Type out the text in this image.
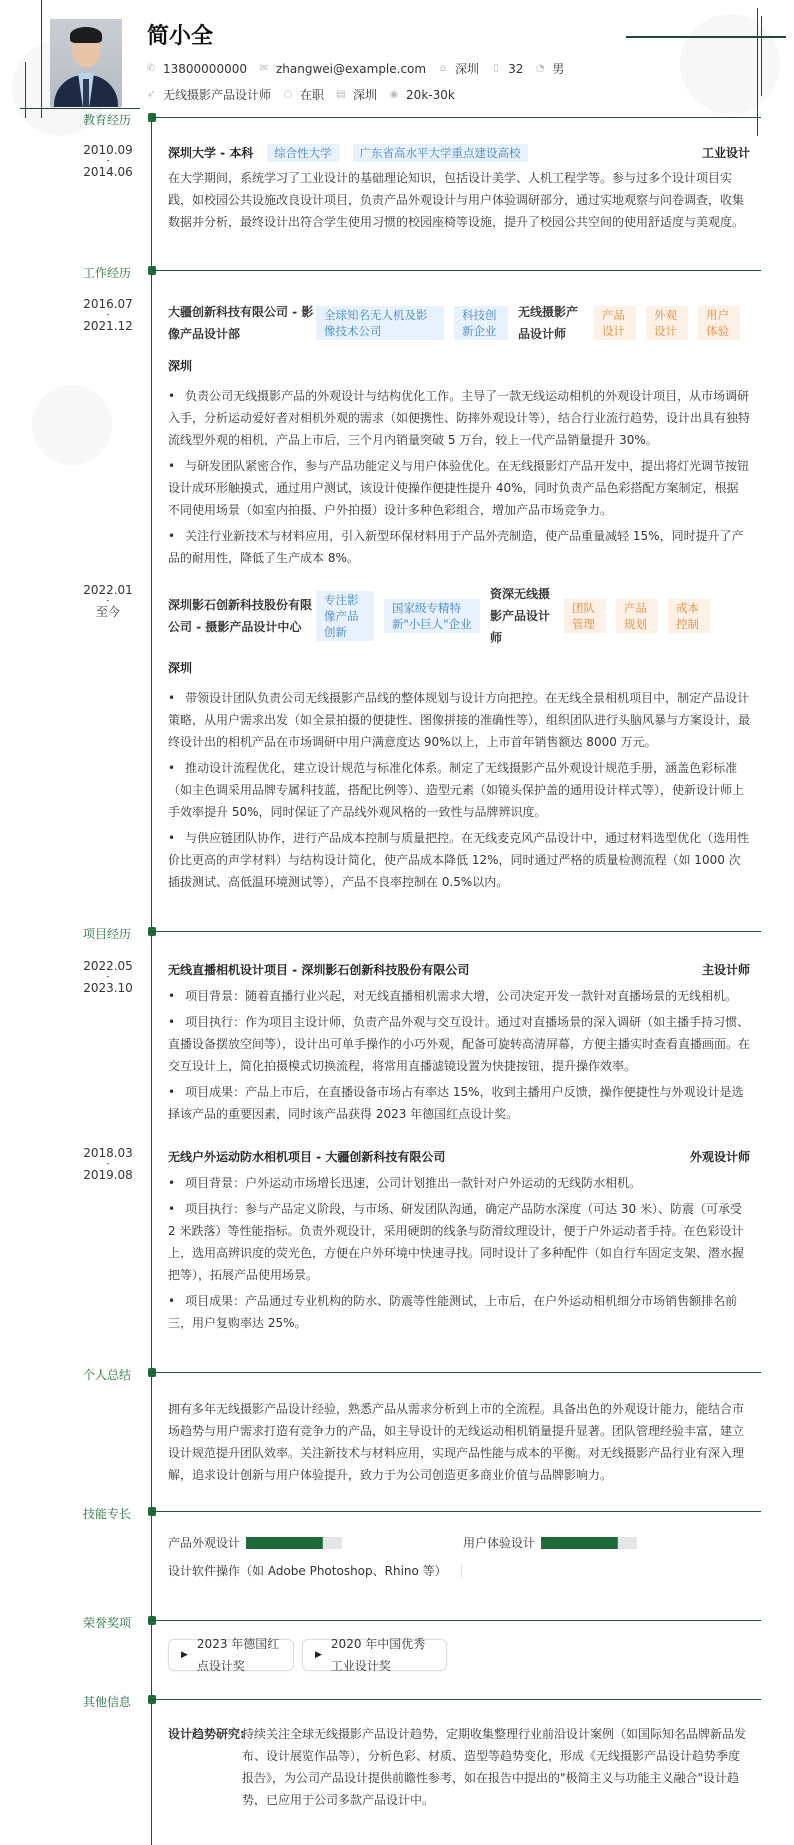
简小全
✆ 13800000000 ✉ zhangwei@example.com ⌂ 深圳 ▯ 32 ◔ 男
➶ 无线摄影产品设计师 ○ 在职 ▤ 深圳 ◉ 20k-30k
教育经历
2010.09
-
2014.06
深圳大学 - 本科 综合性大学 广东省高水平大学重点建设高校	工业设计
在大学期间，系统学习了工业设计的基础理论知识，包括设计美学、人机工程学等。参与过多个设计项目实践，如校园公共设施改良设计项目，负责产品外观设计与用户体验调研部分，通过实地观察与问卷调查，收集数据并分析，最终设计出符合学生使用习惯的校园座椅等设施，提升了校园公共空间的使用舒适度与美观度。
工作经历
2016.07
-
2021.12
大疆创新科技有限公司 - 影像产品设计部
全球知名无人机及影像技术公司
科技创新企业
无线摄影产品设计师
产品设计
外观设计
用户体验
深圳
• 负责公司无线摄影产品的外观设计与结构优化工作。主导了一款无线运动相机的外观设计项目，从市场调研入手，分析运动爱好者对相机外观的需求（如便携性、防摔外观设计等），结合行业流行趋势，设计出具有独特流线型外观的相机，产品上市后，三个月内销量突破 5 万台，较上一代产品销量提升 30%。
• 与研发团队紧密合作，参与产品功能定义与用户体验优化。在无线摄影灯产品开发中，提出将灯光调节按钮设计成环形触摸式，通过用户测试，该设计使操作便捷性提升 40%，同时负责产品色彩搭配方案制定，根据不同使用场景（如室内拍摄、户外拍摄）设计多种色彩组合，增加产品市场竞争力。
• 关注行业新技术与材料应用，引入新型环保材料用于产品外壳制造，使产品重量减轻 15%，同时提升了产品的耐用性，降低了生产成本 8%。
2022.01
-
至今	深圳影石创新科技股份有限公司 - 摄影产品设计中心
专注影像产品创新
国家级专精特新"小巨人"企业
资深无线摄影产品设计师
团队管理
产品规划
成本控制
深圳
• 带领设计团队负责公司无线摄影产品线的整体规划与设计方向把控。在无线全景相机项目中，制定产品设计策略，从用户需求出发（如全景拍摄的便捷性、图像拼接的准确性等），组织团队进行头脑风暴与方案设计，最终设计出的相机产品在市场调研中用户满意度达 90%以上，上市首年销售额达 8000 万元。
• 推动设计流程优化，建立设计规范与标准化体系。制定了无线摄影产品外观设计规范手册，涵盖色彩标准（如主色调采用品牌专属科技蓝，搭配比例等）、造型元素（如镜头保护盖的通用设计样式等），使新设计师上手效率提升 50%，同时保证了产品线外观风格的一致性与品牌辨识度。
• 与供应链团队协作，进行产品成本控制与质量把控。在无线麦克风产品设计中，通过材料选型优化（选用性价比更高的声学材料）与结构设计简化，使产品成本降低 12%，同时通过严格的质量检测流程（如 1000 次插拔测试、高低温环境测试等），产品不良率控制在 0.5%以内。
项目经历
2022.05
-
2023.10
无线直播相机设计项目 - 深圳影石创新科技股份有限公司	主设计师
• 项目背景：随着直播行业兴起，对无线直播相机需求大增，公司决定开发一款针对直播场景的无线相机。
• 项目执行：作为项目主设计师，负责产品外观与交互设计。通过对直播场景的深入调研（如主播手持习惯、直播设备摆放空间等），设计出可单手操作的小巧外观，配备可旋转高清屏幕，方便主播实时查看直播画面。在交互设计上，简化拍摄模式切换流程，将常用直播滤镜设置为快捷按钮，提升操作效率。
• 项目成果：产品上市后，在直播设备市场占有率达 15%，收到主播用户反馈，操作便捷性与外观设计是选择该产品的重要因素，同时该产品获得 2023 年德国红点设计奖。
2018.03
-
2019.08
无线户外运动防水相机项目 - 大疆创新科技有限公司	外观设计师
• 项目背景：户外运动市场增长迅速，公司计划推出一款针对户外运动的无线防水相机。
• 项目执行：参与产品定义阶段，与市场、研发团队沟通，确定产品防水深度（可达 30 米）、防震（可承受 2 米跌落）等性能指标。负责外观设计，采用硬朗的线条与防滑纹理设计，便于户外运动者手持。在色彩设计上，选用高辨识度的荧光色，方便在户外环境中快速寻找。同时设计了多种配件（如自行车固定支架、潜水握把等），拓展产品使用场景。
• 项目成果：产品通过专业机构的防水、防震等性能测试，上市后，在户外运动相机细分市场销售额排名前三，用户复购率达 25%。
个人总结
拥有多年无线摄影产品设计经验，熟悉产品从需求分析到上市的全流程。具备出色的外观设计能力，能结合市场趋势与用户需求打造有竞争力的产品，如主导设计的无线运动相机销量提升显著。团队管理经验丰富，建立设计规范提升团队效率。关注新技术与材料应用，实现产品性能与成本的平衡。对无线摄影产品行业有深入理解，追求设计创新与用户体验提升，致力于为公司创造更多商业价值与品牌影响力。
技能专长
产品外观设计	用户体验设计
设计软件操作（如 Adobe Photoshop、Rhino 等）
荣誉奖项
▶
2023 年德国红点设计奖
▶
2020 年中国优秀工业设计奖
其他信息
设计趋势研究:
持续关注全球无线摄影产品设计趋势，定期收集整理行业前沿设计案例（如国际知名品牌新品发布、设计展览作品等），分析色彩、材质、造型等趋势变化，形成《无线摄影产品设计趋势季度报告》，为公司产品设计提供前瞻性参考，如在报告中提出的"极简主义与功能主义融合"设计趋势，已应用于公司多款产品设计中。
